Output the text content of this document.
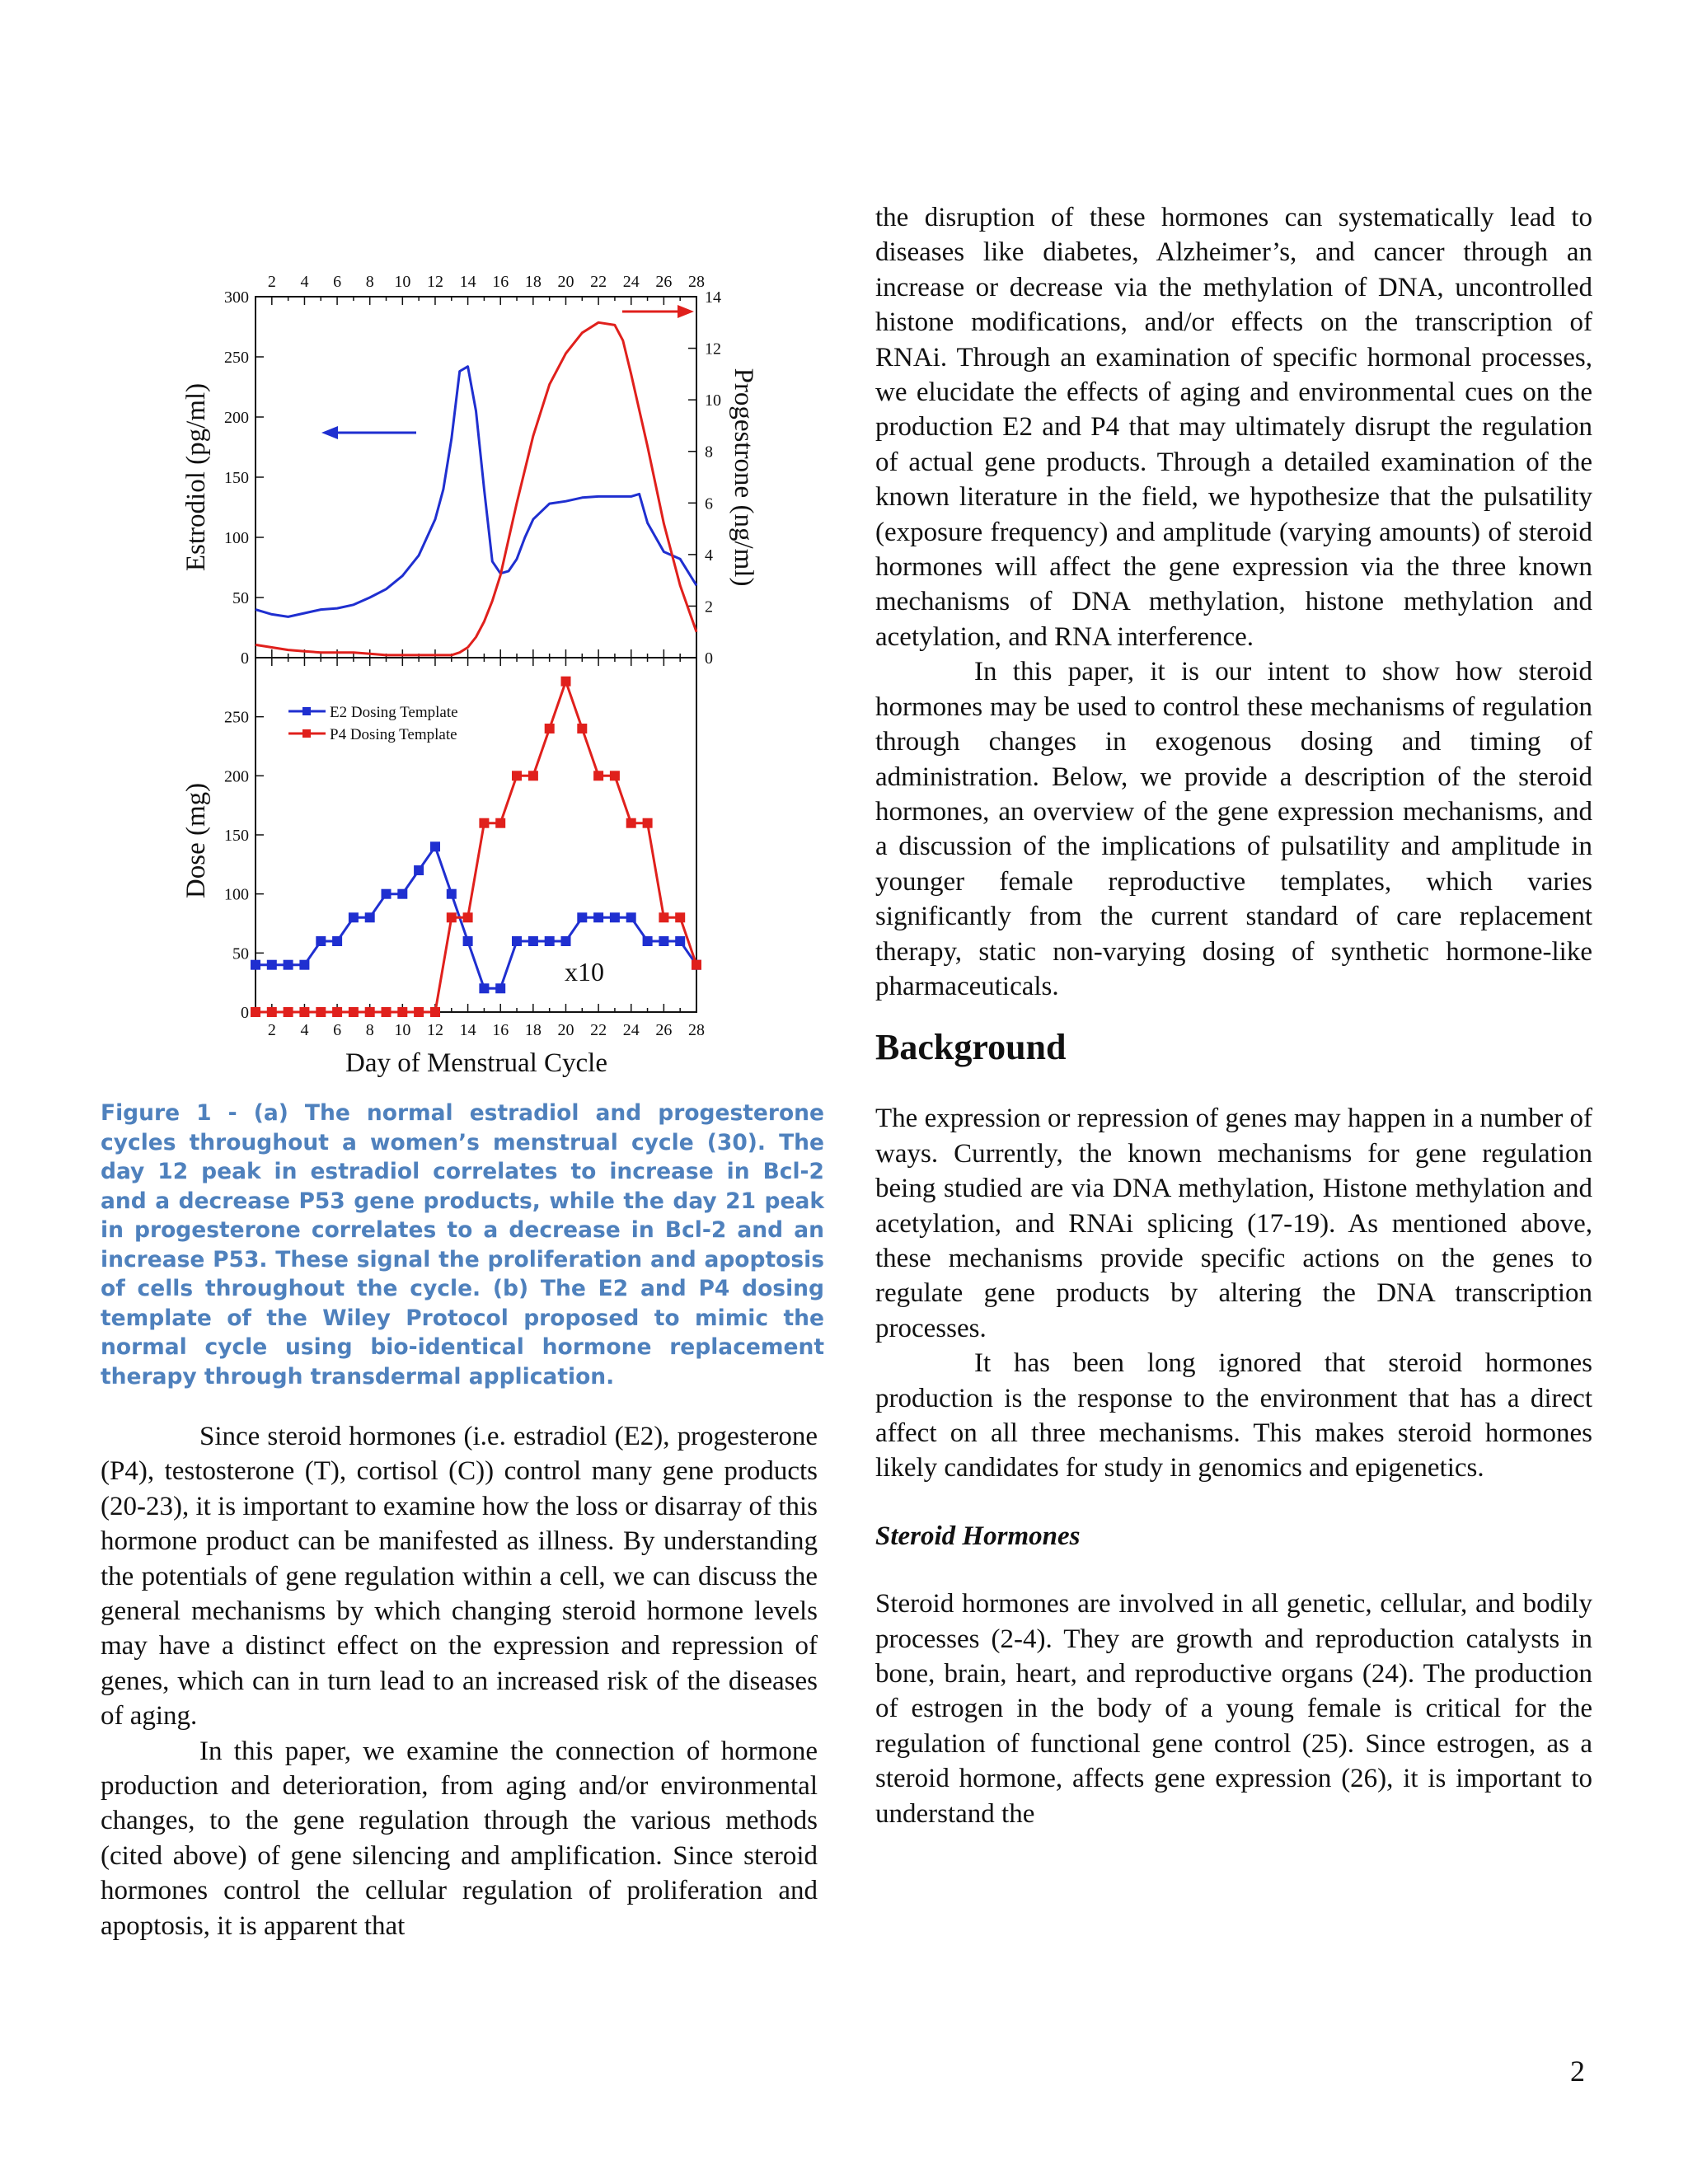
2 4 6 8 10 12 14 16 18 20 22 24 26 28
2 4 6 8 10 12 14 16 18 20 22 24 26 28
0
50
100
150
200
250
300
0
2
4
6
8
10
12
14
0
50
100
150
200
250	E2 Dosing Template
P4 Dosing Template
x10
Day of Menstrual Cycle
Estrodiol (pg/ml)	Progestrone (ng/ml)
Dose (mg)
Figure 1 - (a) The normal estradiol and progesterone cycles throughout a women’s menstrual cycle (30). The day 12 peak in estradiol correlates to increase in Bcl-2 and a decrease P53 gene products, while the day 21 peak in progesterone correlates to a decrease in Bcl-2 and an increase P53. These signal the proliferation and apoptosis of cells throughout the cycle. (b) The E2 and P4 dosing template of the Wiley Protocol proposed to mimic the normal cycle using bio-identical hormone replacement therapy through transdermal application.

Since steroid hormones (i.e. estradiol (E2), progesterone (P4), testosterone (T), cortisol (C)) control many gene products (20-23), it is important to examine how the loss or disarray of this hormone product can be manifested as illness. By understanding the potentials of gene regulation within a cell, we can discuss the general mechanisms by which changing steroid hormone levels may have a distinct effect on the expression and repression of genes, which can in turn lead to an increased risk of the diseases of aging.

In this paper, we examine the connection of hormone production and deterioration, from aging and/or environmental changes, to the gene regulation through the various methods (cited above) of gene silencing and amplification. Since steroid hormones control the cellular regulation of proliferation and apoptosis, it is apparent that

the disruption of these hormones can systematically lead to diseases like diabetes, Alzheimer’s, and cancer through an increase or decrease via the methylation of DNA, uncontrolled histone modifications, and/or effects on the transcription of RNAi. Through an examination of specific hormonal processes, we elucidate the effects of aging and environmental cues on the production E2 and P4 that may ultimately disrupt the regulation of actual gene products. Through a detailed examination of the known literature in the field, we hypothesize that the pulsatility (exposure frequency) and amplitude (varying amounts) of steroid hormones will affect the gene expression via the three known mechanisms of DNA methylation, histone methylation and acetylation, and RNA interference.

In this paper, it is our intent to show how steroid hormones may be used to control these mechanisms of regulation through changes in exogenous dosing and timing of administration. Below, we provide a description of the steroid hormones, an overview of the gene expression mechanisms, and a discussion of the implications of pulsatility and amplitude in younger female reproductive templates, which varies significantly from the current standard of care replacement therapy, static non-varying dosing of synthetic hormone-like pharmaceuticals.

Background

The expression or repression of genes may happen in a number of ways. Currently, the known mechanisms for gene regulation being studied are via DNA methylation, Histone methylation and acetylation, and RNAi splicing (17-19). As mentioned above, these mechanisms provide specific actions on the genes to regulate gene products by altering the DNA transcription processes.

It has been long ignored that steroid hormones production is the response to the environment that has a direct affect on all three mechanisms. This makes steroid hormones likely candidates for study in genomics and epigenetics.

Steroid Hormones

Steroid hormones are involved in all genetic, cellular, and bodily processes (2-4). They are growth and reproduction catalysts in bone, brain, heart, and reproductive organs (24). The production of estrogen in the body of a young female is critical for the regulation of functional gene control (25). Since estrogen, as a steroid hormone, affects gene expression (26), it is important to understand the

2
